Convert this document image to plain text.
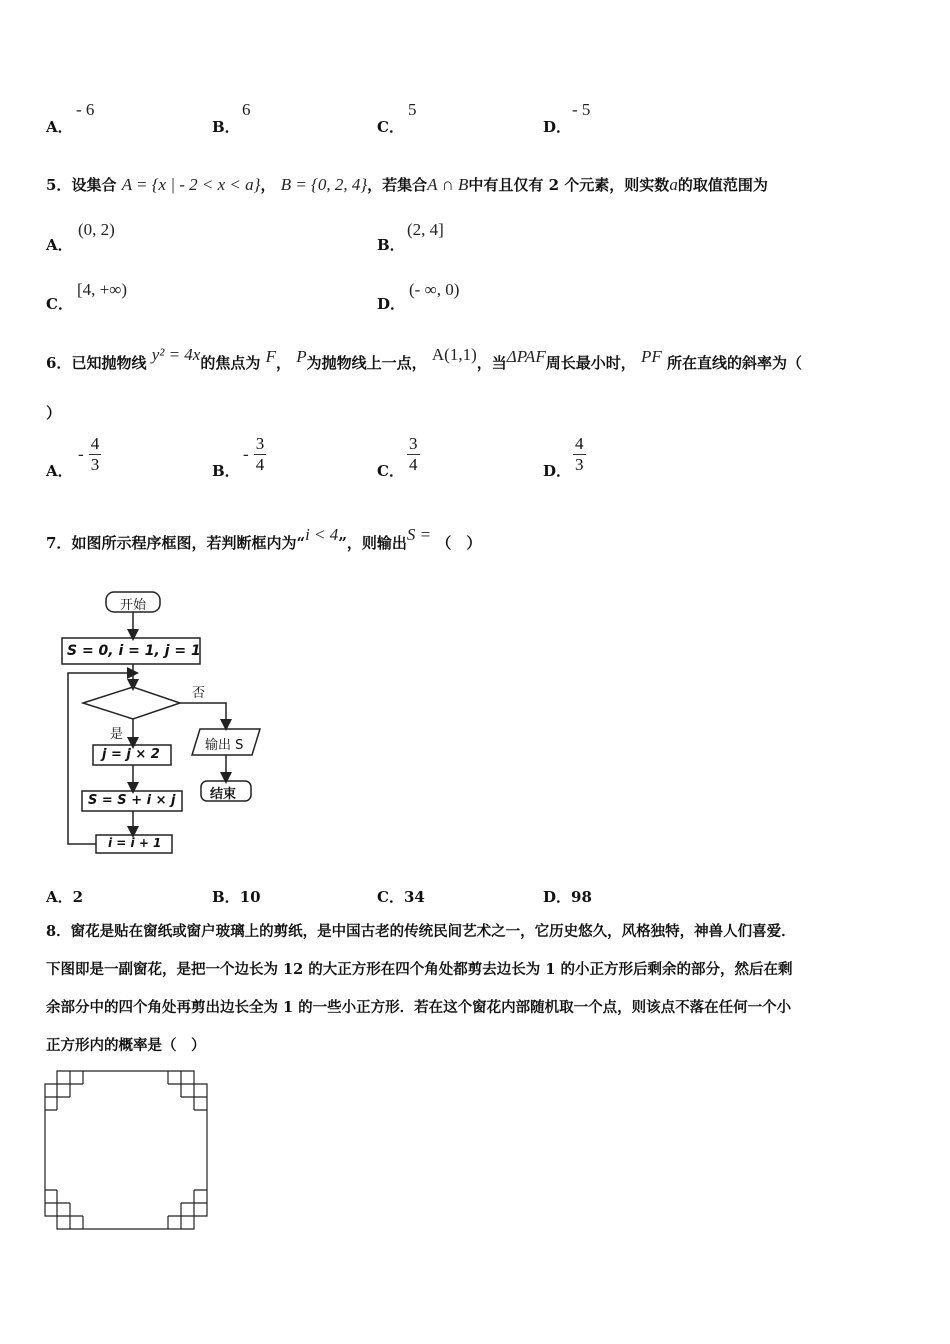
A．
- 6
B．
6
C．
5
D．
- 5
5．设集合 A = {x | - 2 < x < a}， B = {0, 2, 4}，若集合A ∩ B中有且仅有 2 个元素，则实数a的取值范围为
A．
(0, 2)
B．
(2, 4]
C．
[4, +∞)
D．
(- ∞, 0)
6．已知抛物线 y² = 4x的焦点为 F， P为抛物线上一点， A(1,1)，当ΔPAF周长最小时， PF 所在直线的斜率为（
）
A．
- $\frac{4}{3}$	B．
- $\frac{3}{4}$	C． $\frac{3}{4}$	D． $\frac{4}{3}$
7．如图所示程序框图，若判断框内为“i < 4”，则输出S = （　）
开始
S = 0, i = 1, j = 1
否
是
j = j × 2
S = S + i × j
i = i + 1
输出 S
结束
A．2	B．10	C．34	D．98
8．窗花是贴在窗纸或窗户玻璃上的剪纸，是中国古老的传统民间艺术之一，它历史悠久，风格独特，神兽人们喜爱．
下图即是一副窗花，是把一个边长为 12 的大正方形在四个角处都剪去边长为 1 的小正方形后剩余的部分，然后在剩
余部分中的四个角处再剪出边长全为 1 的一些小正方形．若在这个窗花内部随机取一个点，则该点不落在任何一个小
正方形内的概率是（　）
